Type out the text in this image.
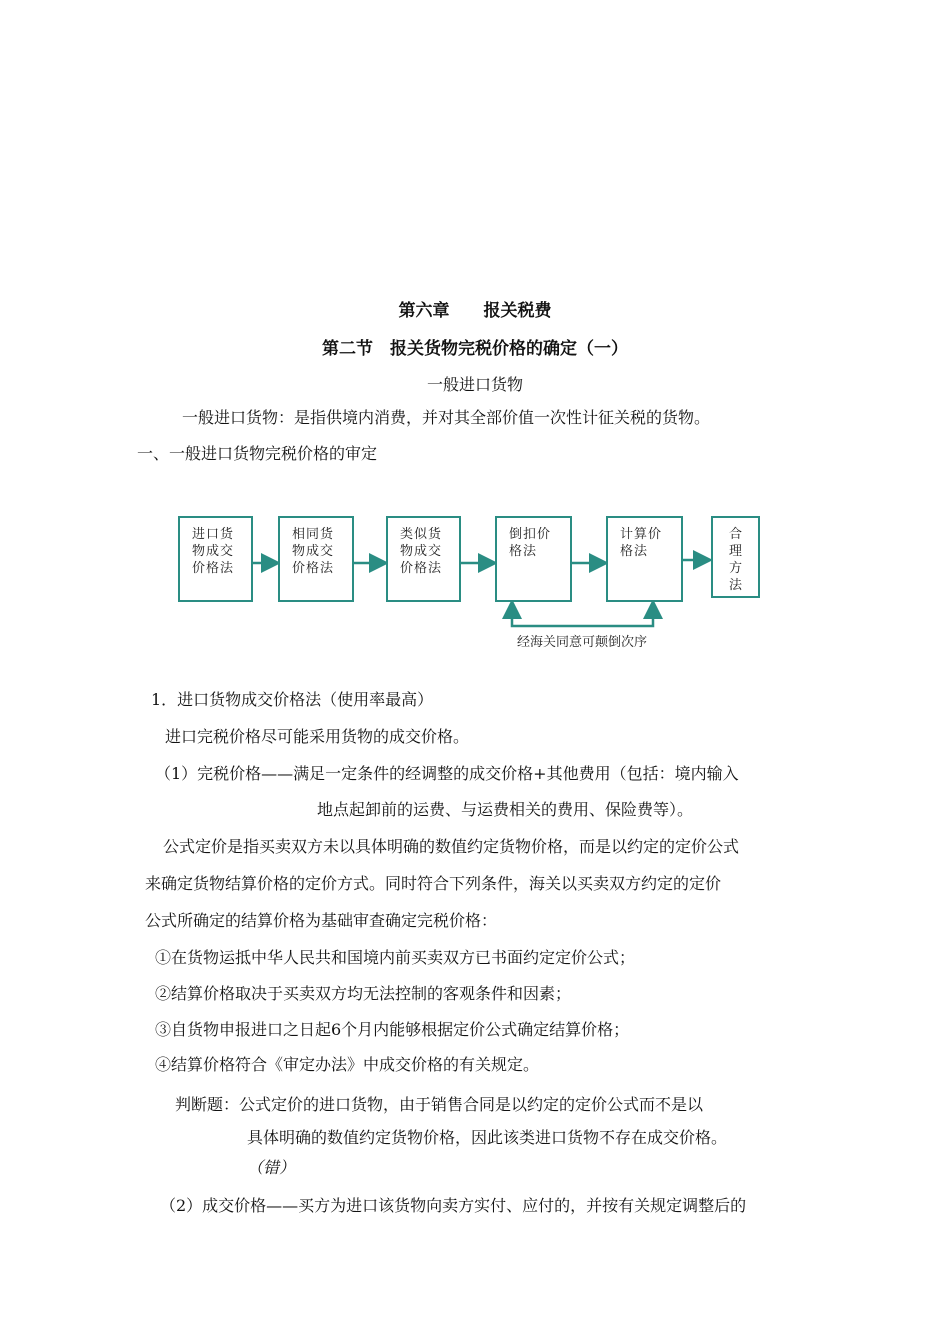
第六章　　报关税费
第二节　报关货物完税价格的确定（一）
一般进口货物
一般进口货物：是指供境内消费，并对其全部价值一次性计征关税的货物。
一、一般进口货物完税价格的审定
进口货物成交价格法
相同货物成交价格法
类似货物成交价格法
倒扣价格法
计算价格法
合理方法
经海关同意可颠倒次序
1．进口货物成交价格法（使用率最高）
进口完税价格尽可能采用货物的成交价格。
（1）完税价格——满足一定条件的经调整的成交价格+其他费用（包括：境内输入
地点起卸前的运费、与运费相关的费用、保险费等）。
公式定价是指买卖双方未以具体明确的数值约定货物价格，而是以约定的定价公式
来确定货物结算价格的定价方式。同时符合下列条件，海关以买卖双方约定的定价
公式所确定的结算价格为基础审查确定完税价格：
①在货物运抵中华人民共和国境内前买卖双方已书面约定定价公式；
②结算价格取决于买卖双方均无法控制的客观条件和因素；
③自货物申报进口之日起6个月内能够根据定价公式确定结算价格；
④结算价格符合《审定办法》中成交价格的有关规定。
判断题：公式定价的进口货物，由于销售合同是以约定的定价公式而不是以
具体明确的数值约定货物价格，因此该类进口货物不存在成交价格。
（错）
（2）成交价格——买方为进口该货物向卖方实付、应付的，并按有关规定调整后的
